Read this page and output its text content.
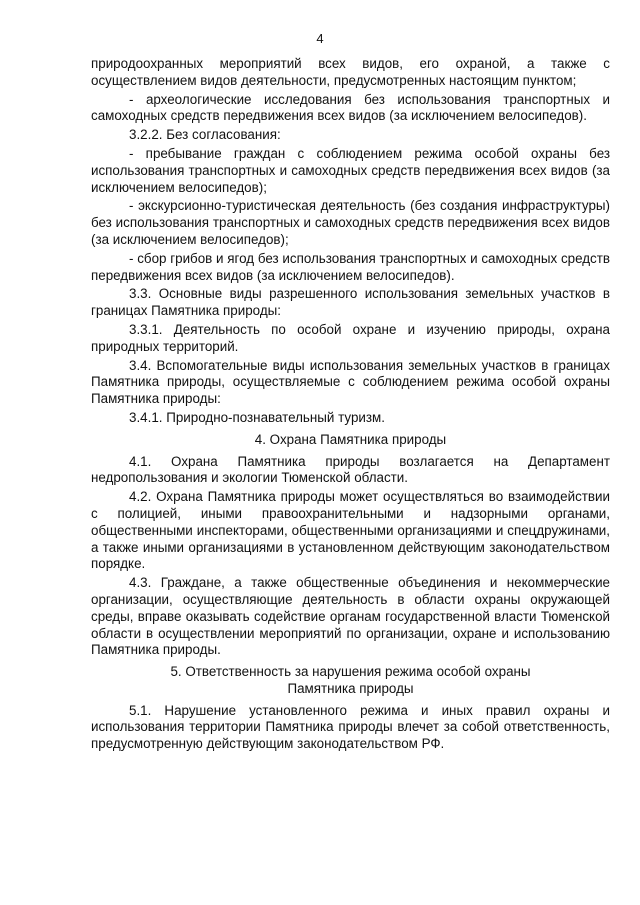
4

природоохранных мероприятий всех видов, его охраной, а также с осуществлением видов деятельности, предусмотренных настоящим пунктом;

- археологические исследования без использования транспортных и самоходных средств передвижения всех видов (за исключением велосипедов).

3.2.2. Без согласования:

- пребывание граждан с соблюдением режима особой охраны без использования транспортных и самоходных средств передвижения всех видов (за исключением велосипедов);

- экскурсионно-туристическая деятельность (без создания инфраструктуры) без использования транспортных и самоходных средств передвижения всех видов (за исключением велосипедов);

- сбор грибов и ягод без использования транспортных и самоходных средств передвижения всех видов (за исключением велосипедов).

3.3. Основные виды разрешенного использования земельных участков в границах Памятника природы:

3.3.1. Деятельность по особой охране и изучению природы, охрана природных территорий.

3.4. Вспомогательные виды использования земельных участков в границах Памятника природы, осуществляемые с соблюдением режима особой охраны Памятника природы:

3.4.1. Природно-познавательный туризм.

4. Охрана Памятника природы

4.1. Охрана Памятника природы возлагается на Департамент недропользования и экологии Тюменской области.

4.2. Охрана Памятника природы может осуществляться во взаимодействии с полицией, иными правоохранительными и надзорными органами, общественными инспекторами, общественными организациями и спецдружинами, а также иными организациями в установленном действующим законодательством порядке.

4.3. Граждане, а также общественные объединения и некоммерческие организации, осуществляющие деятельность в области охраны окружающей среды, вправе оказывать содействие органам государственной власти Тюменской области в осуществлении мероприятий по организации, охране и использованию Памятника природы.

5. Ответственность за нарушения режима особой охраны

Памятника природы

5.1. Нарушение установленного режима и иных правил охраны и использования территории Памятника природы влечет за собой ответственность, предусмотренную действующим законодательством РФ.
